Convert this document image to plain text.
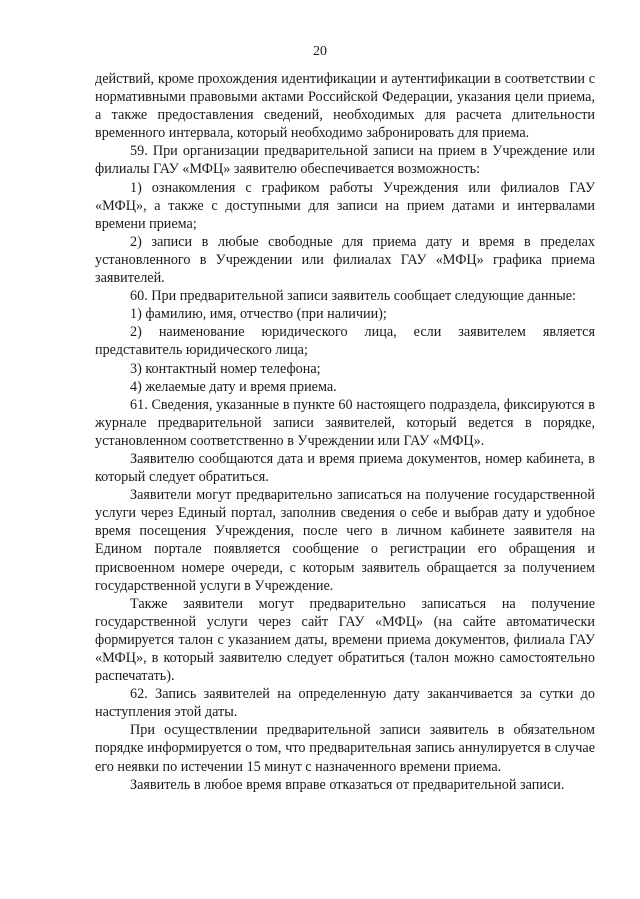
20

действий, кроме прохождения идентификации и аутентификации в соответствии с нормативными правовыми актами Российской Федерации, указания цели приема, а также предоставления сведений, необходимых для расчета длительности временного интервала, который необходимо забронировать для приема.

59. При организации предварительной записи на прием в Учреждение или филиалы ГАУ «МФЦ» заявителю обеспечивается возможность:

1) ознакомления с графиком работы Учреждения или филиалов ГАУ «МФЦ», а также с доступными для записи на прием датами и интервалами времени приема;

2) записи в любые свободные для приема дату и время в пределах установленного в Учреждении или филиалах ГАУ «МФЦ» графика приема заявителей.

60. При предварительной записи заявитель сообщает следующие данные:

1) фамилию, имя, отчество (при наличии);

2) наименование юридического лица, если заявителем является представитель юридического лица;

3) контактный номер телефона;

4) желаемые дату и время приема.

61. Сведения, указанные в пункте 60 настоящего подраздела, фиксируются в журнале предварительной записи заявителей, который ведется в порядке, установленном соответственно в Учреждении или ГАУ «МФЦ».

Заявителю сообщаются дата и время приема документов, номер кабинета, в который следует обратиться.

Заявители могут предварительно записаться на получение государственной услуги через Единый портал, заполнив сведения о себе и выбрав дату и удобное время посещения Учреждения, после чего в личном кабинете заявителя на Едином портале появляется сообщение о регистрации его обращения и присвоенном номере очереди, с которым заявитель обращается за получением государственной услуги в Учреждение.

Также заявители могут предварительно записаться на получение государственной услуги через сайт ГАУ «МФЦ» (на сайте автоматически формируется талон с указанием даты, времени приема документов, филиала ГАУ «МФЦ», в который заявителю следует обратиться (талон можно самостоятельно распечатать).

62. Запись заявителей на определенную дату заканчивается за сутки до наступления этой даты.

При осуществлении предварительной записи заявитель в обязательном порядке информируется о том, что предварительная запись аннулируется в случае его неявки по истечении 15 минут с назначенного времени приема.

Заявитель в любое время вправе отказаться от предварительной записи.
